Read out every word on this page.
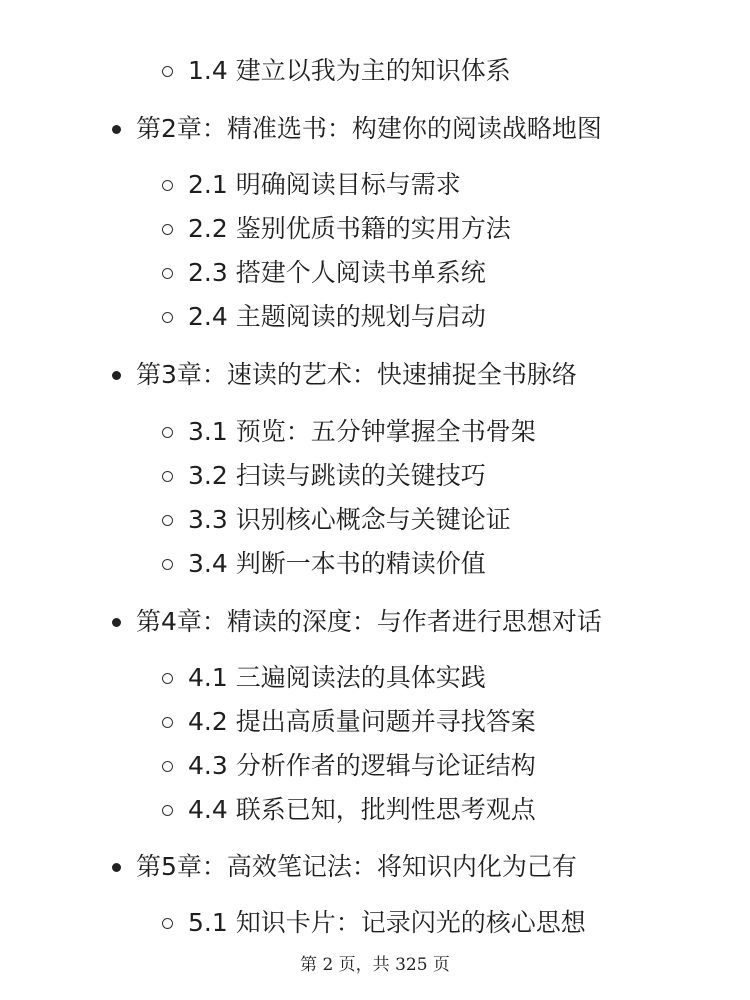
1.4 建立以我为主的知识体系
第2章：精准选书：构建你的阅读战略地图
2.1 明确阅读目标与需求
2.2 鉴别优质书籍的实用方法
2.3 搭建个人阅读书单系统
2.4 主题阅读的规划与启动
第3章：速读的艺术：快速捕捉全书脉络
3.1 预览：五分钟掌握全书骨架
3.2 扫读与跳读的关键技巧
3.3 识别核心概念与关键论证
3.4 判断一本书的精读价值
第4章：精读的深度：与作者进行思想对话
4.1 三遍阅读法的具体实践
4.2 提出高质量问题并寻找答案
4.3 分析作者的逻辑与论证结构
4.4 联系已知，批判性思考观点
第5章：高效笔记法：将知识内化为己有
5.1 知识卡片：记录闪光的核心思想
第 2 页，共 325 页
